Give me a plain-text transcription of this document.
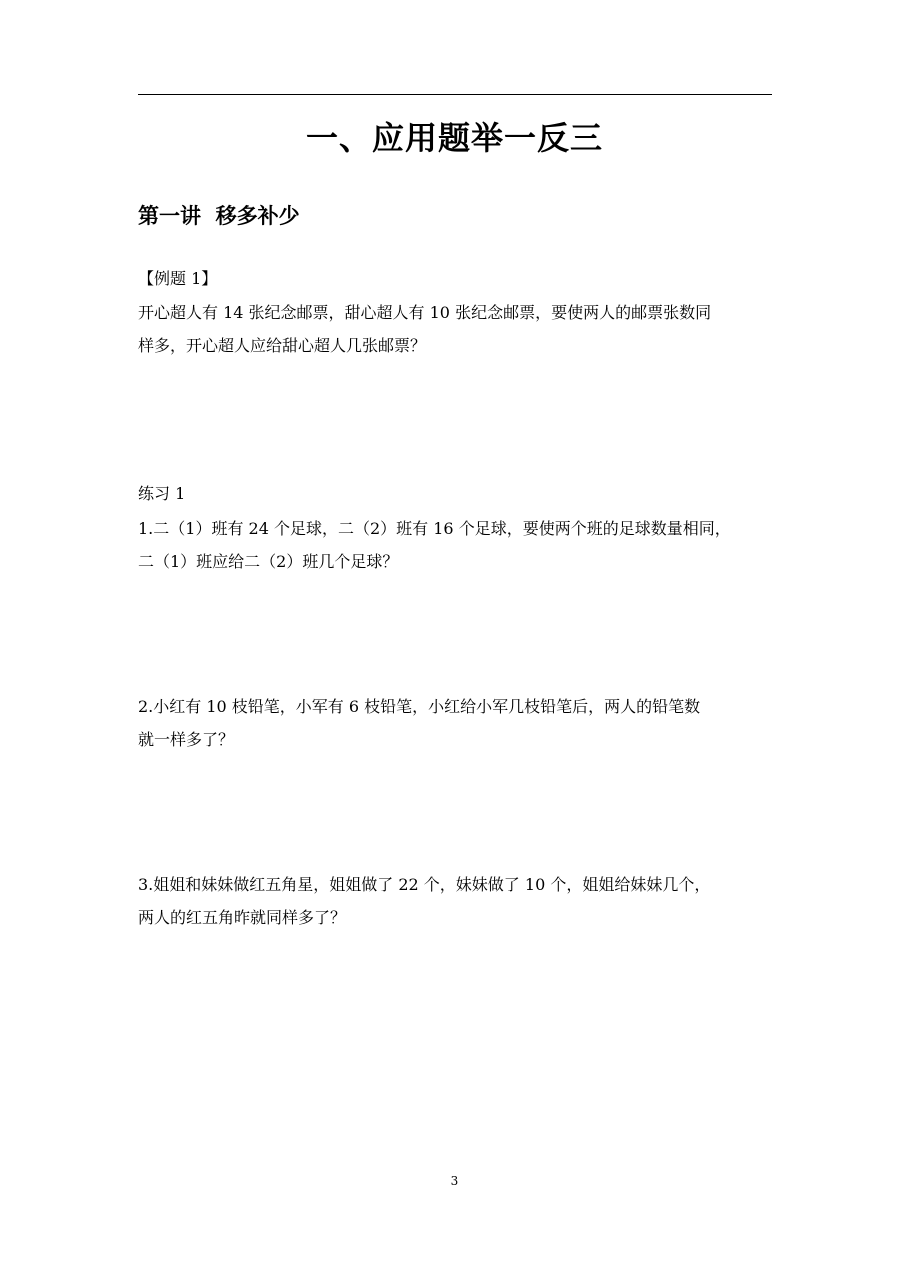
一、应用题举一反三
第一讲  移多补少
【例题 1】
开心超人有 14 张纪念邮票，甜心超人有 10 张纪念邮票，要使两人的邮票张数同
样多，开心超人应给甜心超人几张邮票？
练习 1
1.二（1）班有 24 个足球，二（2）班有 16 个足球，要使两个班的足球数量相同，
二（1）班应给二（2）班几个足球？
2.小红有 10 枝铅笔，小军有 6 枝铅笔，小红给小军几枝铅笔后，两人的铅笔数
就一样多了？
3.姐姐和妹妹做红五角星，姐姐做了 22 个，妹妹做了 10 个，姐姐给妹妹几个，
两人的红五角昨就同样多了？
3
